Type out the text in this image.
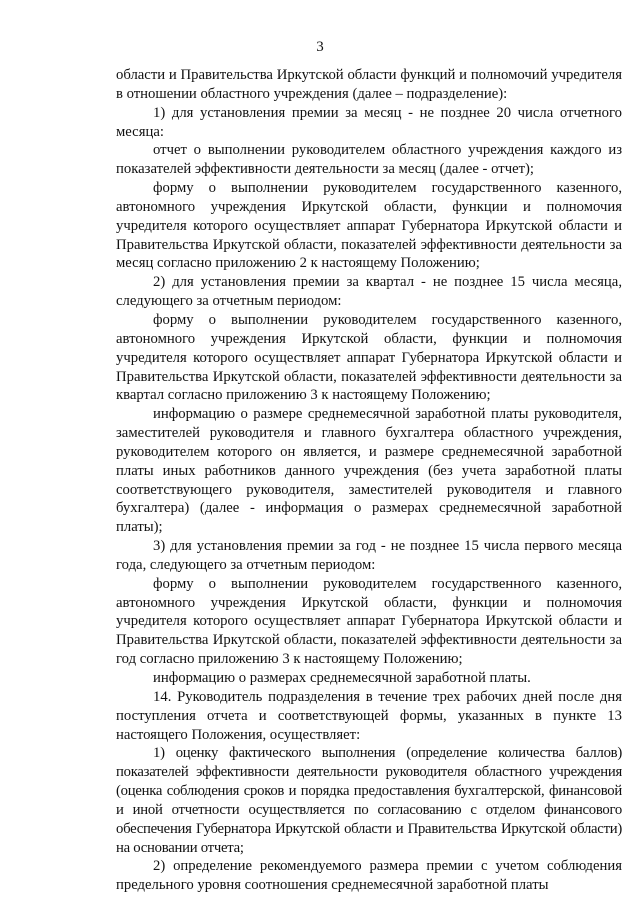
3

области и Правительства Иркутской области функций и полномочий учредителя в отношении областного учреждения (далее – подразделение):

1) для установления премии за месяц - не позднее 20 числа отчетного месяца:

отчет о выполнении руководителем областного учреждения каждого из показателей эффективности деятельности за месяц (далее - отчет);

форму о выполнении руководителем государственного казенного, автономного учреждения Иркутской области, функции и полномочия учредителя которого осуществляет аппарат Губернатора Иркутской области и Правительства Иркутской области, показателей эффективности деятельности за месяц согласно приложению 2 к настоящему Положению;

2) для установления премии за квартал - не позднее 15 числа месяца, следующего за отчетным периодом:

форму о выполнении руководителем государственного казенного, автономного учреждения Иркутской области, функции и полномочия учредителя которого осуществляет аппарат Губернатора Иркутской области и Правительства Иркутской области, показателей эффективности деятельности за квартал согласно приложению 3 к настоящему Положению;

информацию о размере среднемесячной заработной платы руководителя, заместителей руководителя и главного бухгалтера областного учреждения, руководителем которого он является, и размере среднемесячной заработной платы иных работников данного учреждения (без учета заработной платы соответствующего руководителя, заместителей руководителя и главного бухгалтера) (далее - информация о размерах среднемесячной заработной платы);

3) для установления премии за год - не позднее 15 числа первого месяца года, следующего за отчетным периодом:

форму о выполнении руководителем государственного казенного, автономного учреждения Иркутской области, функции и полномочия учредителя которого осуществляет аппарат Губернатора Иркутской области и Правительства Иркутской области, показателей эффективности деятельности за год согласно приложению 3 к настоящему Положению;

информацию о размерах среднемесячной заработной платы.

14. Руководитель подразделения в течение трех рабочих дней после дня поступления отчета и соответствующей формы, указанных в пункте 13 настоящего Положения, осуществляет:

1) оценку фактического выполнения (определение количества баллов) показателей эффективности деятельности руководителя областного учреждения (оценка соблюдения сроков и порядка предоставления бухгалтерской, финансовой и иной отчетности осуществляется по согласованию с отделом финансового обеспечения Губернатора Иркутской области и Правительства Иркутской области) на основании отчета;

2) определение рекомендуемого размера премии с учетом соблюдения предельного уровня соотношения среднемесячной заработной платы
